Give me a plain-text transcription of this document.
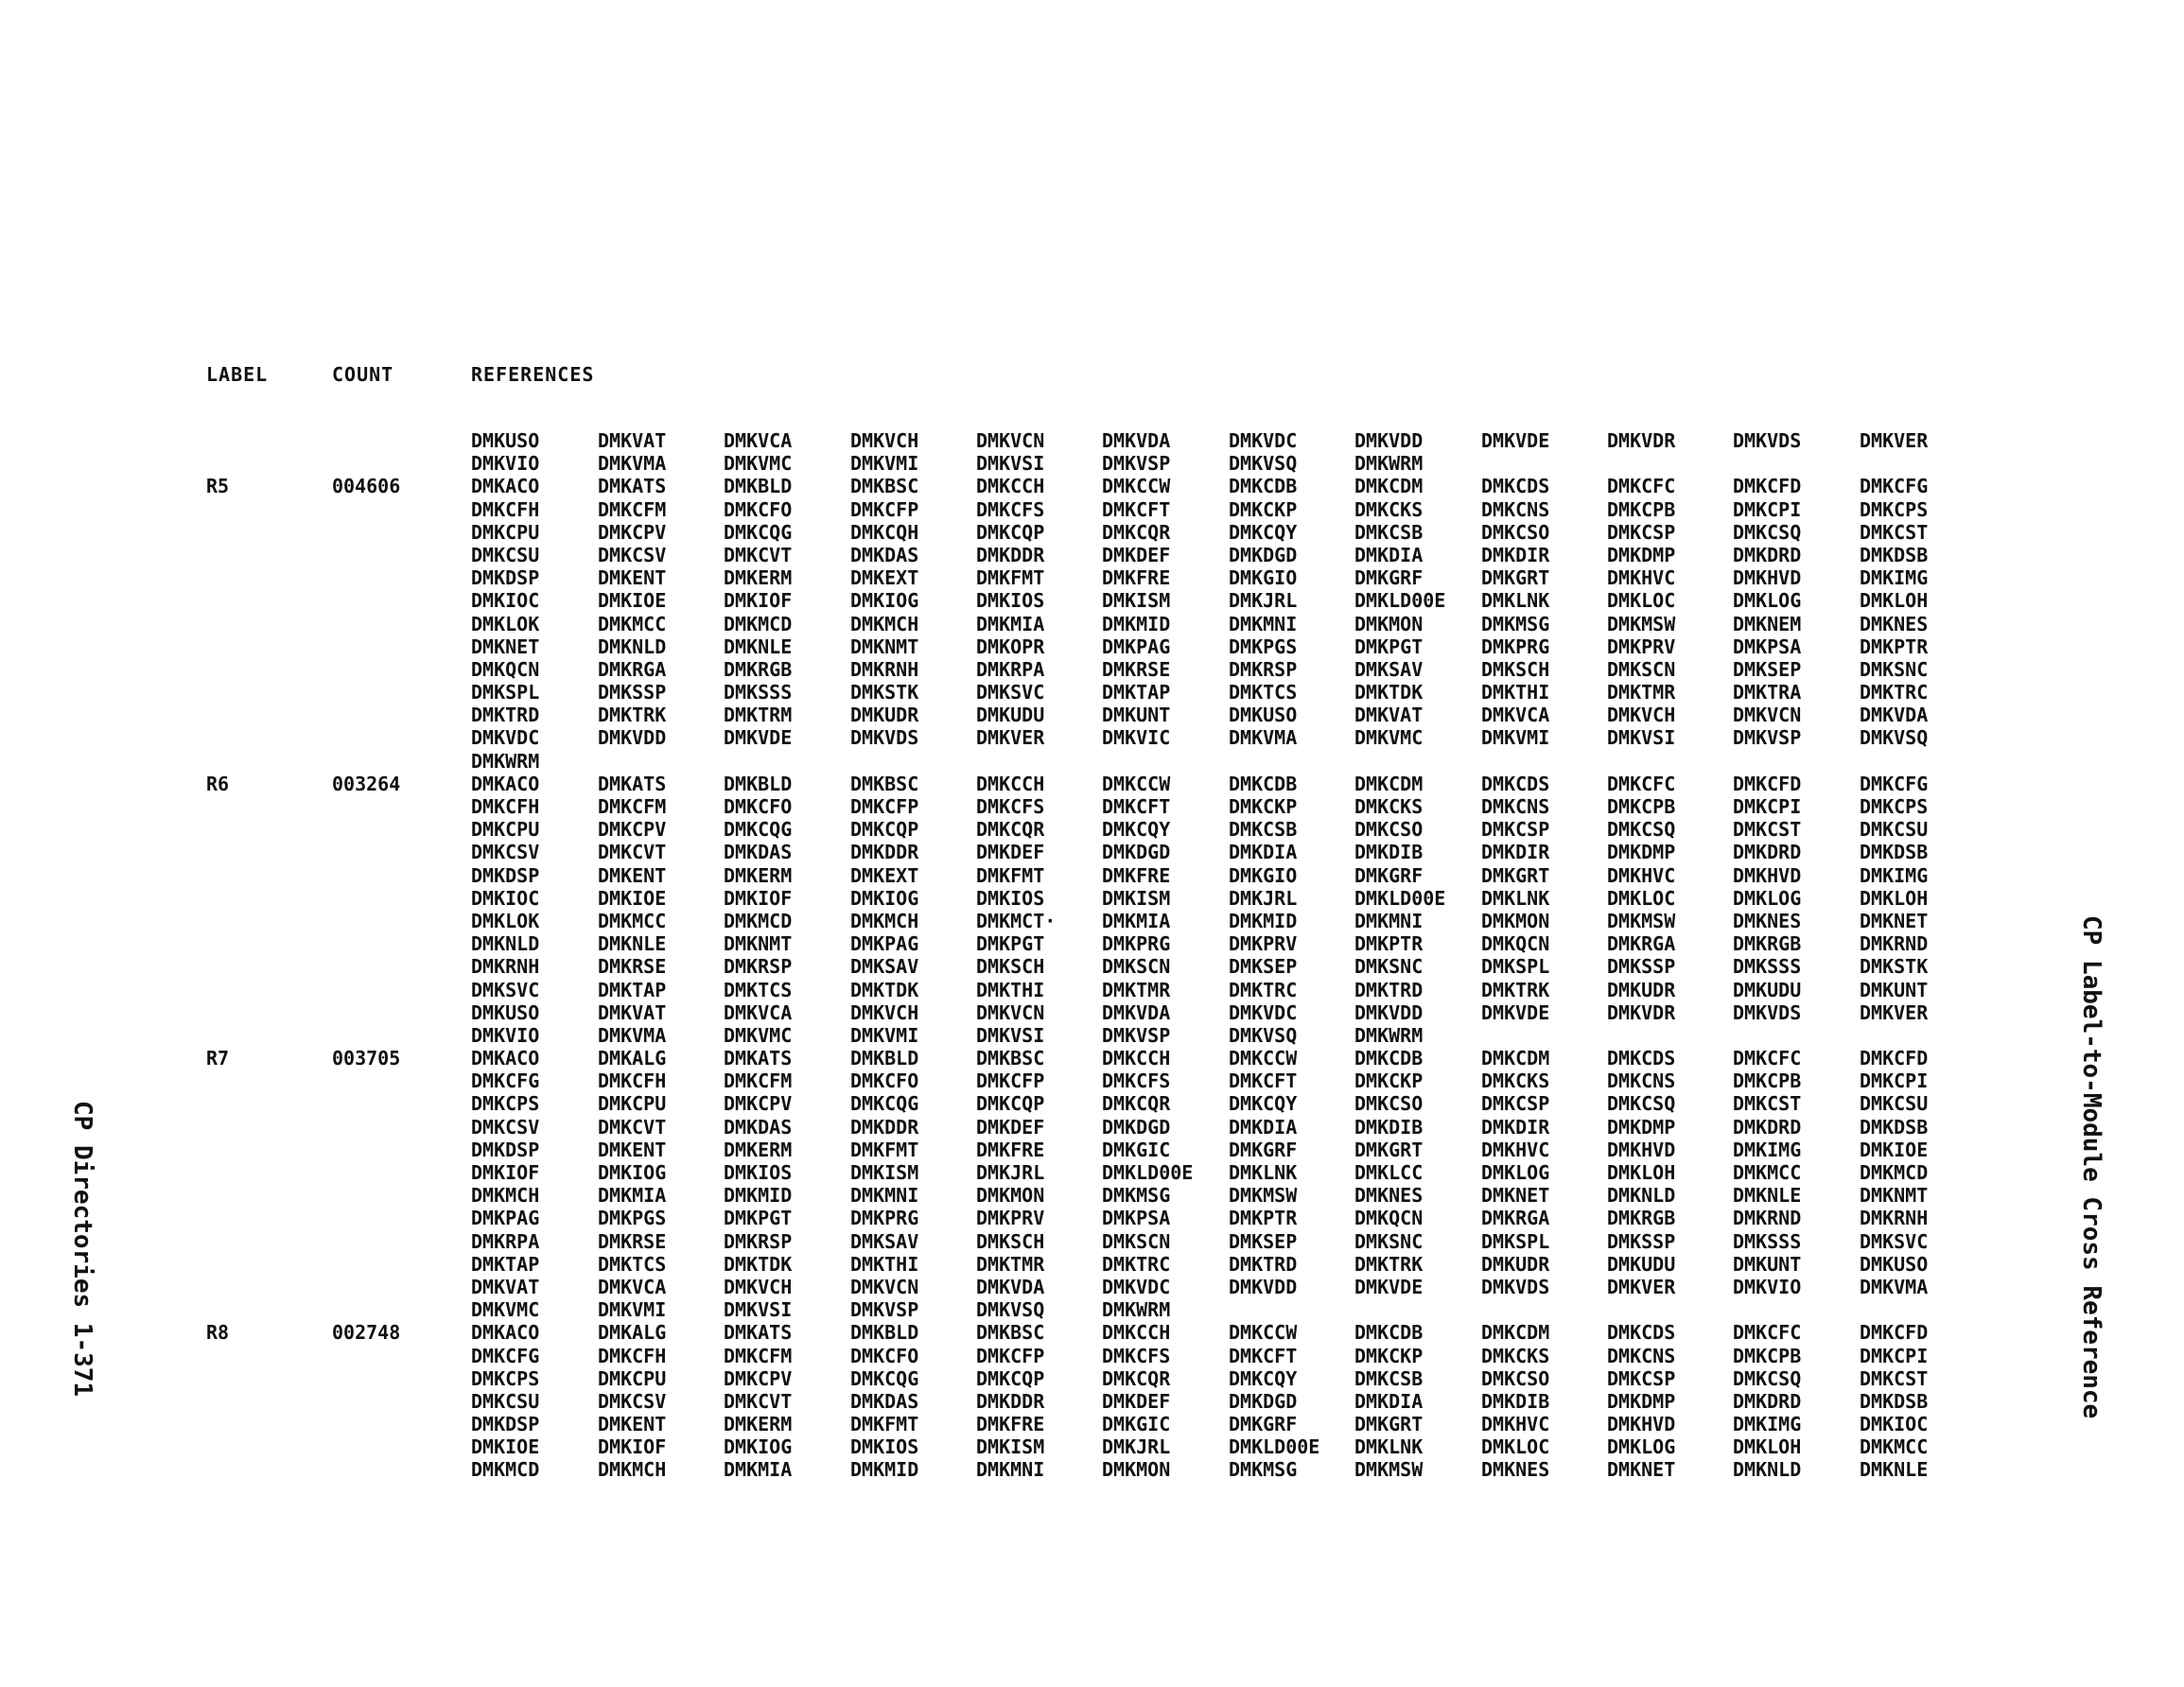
LABEL	COUNT	REFERENCES
DMKUSO	DMKVAT	DMKVCA	DMKVCH	DMKVCN	DMKVDA	DMKVDC	DMKVDD	DMKVDE	DMKVDR	DMKVDS	DMKVER
DMKVIO	DMKVMA	DMKVMC	DMKVMI	DMKVSI	DMKVSP	DMKVSQ	DMKWRM
R5	004606	DMKACO	DMKATS	DMKBLD	DMKBSC	DMKCCH	DMKCCW	DMKCDB	DMKCDM	DMKCDS	DMKCFC	DMKCFD	DMKCFG
DMKCFH	DMKCFM	DMKCFO	DMKCFP	DMKCFS	DMKCFT	DMKCKP	DMKCKS	DMKCNS	DMKCPB	DMKCPI	DMKCPS
DMKCPU	DMKCPV	DMKCQG	DMKCQH	DMKCQP	DMKCQR	DMKCQY	DMKCSB	DMKCSO	DMKCSP	DMKCSQ	DMKCST
DMKCSU	DMKCSV	DMKCVT	DMKDAS	DMKDDR	DMKDEF	DMKDGD	DMKDIA	DMKDIR	DMKDMP	DMKDRD	DMKDSB
DMKDSP	DMKENT	DMKERM	DMKEXT	DMKFMT	DMKFRE	DMKGIO	DMKGRF	DMKGRT	DMKHVC	DMKHVD	DMKIMG
DMKIOC	DMKIOE	DMKIOF	DMKIOG	DMKIOS	DMKISM	DMKJRL	DMKLD00E DMKLNK	DMKLOC	DMKLOG	DMKLOH
DMKLOK	DMKMCC	DMKMCD	DMKMCH	DMKMIA	DMKMID	DMKMNI	DMKMON	DMKMSG	DMKMSW	DMKNEM	DMKNES
DMKNET	DMKNLD	DMKNLE	DMKNMT	DMKOPR	DMKPAG	DMKPGS	DMKPGT	DMKPRG	DMKPRV	DMKPSA	DMKPTR
DMKQCN	DMKRGA	DMKRGB	DMKRNH	DMKRPA	DMKRSE	DMKRSP	DMKSAV	DMKSCH	DMKSCN	DMKSEP	DMKSNC
DMKSPL	DMKSSP	DMKSSS	DMKSTK	DMKSVC	DMKTAP	DMKTCS	DMKTDK	DMKTHI	DMKTMR	DMKTRA	DMKTRC
DMKTRD	DMKTRK	DMKTRM	DMKUDR	DMKUDU	DMKUNT	DMKUSO	DMKVAT	DMKVCA	DMKVCH	DMKVCN	DMKVDA
DMKVDC	DMKVDD	DMKVDE	DMKVDS	DMKVER	DMKVIC	DMKVMA	DMKVMC	DMKVMI	DMKVSI	DMKVSP	DMKVSQ
DMKWRM
R6	003264	DMKACO	DMKATS	DMKBLD	DMKBSC	DMKCCH	DMKCCW	DMKCDB	DMKCDM	DMKCDS	DMKCFC	DMKCFD	DMKCFG
DMKCFH	DMKCFM	DMKCFO	DMKCFP	DMKCFS	DMKCFT	DMKCKP	DMKCKS	DMKCNS	DMKCPB	DMKCPI	DMKCPS
DMKCPU	DMKCPV	DMKCQG	DMKCQP	DMKCQR	DMKCQY	DMKCSB	DMKCSO	DMKCSP	DMKCSQ	DMKCST	DMKCSU
DMKCSV	DMKCVT	DMKDAS	DMKDDR	DMKDEF	DMKDGD	DMKDIA	DMKDIB	DMKDIR	DMKDMP	DMKDRD	DMKDSB
DMKDSP	DMKENT	DMKERM	DMKEXT	DMKFMT	DMKFRE	DMKGIO	DMKGRF	DMKGRT	DMKHVC	DMKHVD	DMKIMG
DMKIOC	DMKIOE	DMKIOF	DMKIOG	DMKIOS	DMKISM	DMKJRL	DMKLD00E DMKLNK	DMKLOC	DMKLOG	DMKLOH
DMKLOK	DMKMCC	DMKMCD	DMKMCH	DMKMCT· DMKMIA	DMKMID	DMKMNI	DMKMON	DMKMSW	DMKNES	DMKNET
DMKNLD	DMKNLE	DMKNMT	DMKPAG	DMKPGT	DMKPRG	DMKPRV	DMKPTR	DMKQCN	DMKRGA	DMKRGB	DMKRND
DMKRNH	DMKRSE	DMKRSP	DMKSAV	DMKSCH	DMKSCN	DMKSEP	DMKSNC	DMKSPL	DMKSSP	DMKSSS	DMKSTK
DMKSVC	DMKTAP	DMKTCS	DMKTDK	DMKTHI	DMKTMR	DMKTRC	DMKTRD	DMKTRK	DMKUDR	DMKUDU	DMKUNT
DMKUSO	DMKVAT	DMKVCA	DMKVCH	DMKVCN	DMKVDA	DMKVDC	DMKVDD	DMKVDE	DMKVDR	DMKVDS	DMKVER
DMKVIO	DMKVMA	DMKVMC	DMKVMI	DMKVSI	DMKVSP	DMKVSQ	DMKWRM
R7	003705	DMKACO	DMKALG	DMKATS	DMKBLD	DMKBSC	DMKCCH	DMKCCW	DMKCDB	DMKCDM	DMKCDS	DMKCFC	DMKCFD
DMKCFG	DMKCFH	DMKCFM	DMKCFO	DMKCFP	DMKCFS	DMKCFT	DMKCKP	DMKCKS	DMKCNS	DMKCPB	DMKCPI
DMKCPS	DMKCPU	DMKCPV	DMKCQG	DMKCQP	DMKCQR	DMKCQY	DMKCSO	DMKCSP	DMKCSQ	DMKCST	DMKCSU
DMKCSV	DMKCVT	DMKDAS	DMKDDR	DMKDEF	DMKDGD	DMKDIA	DMKDIB	DMKDIR	DMKDMP	DMKDRD	DMKDSB
DMKDSP	DMKENT	DMKERM	DMKFMT	DMKFRE	DMKGIC	DMKGRF	DMKGRT	DMKHVC	DMKHVD	DMKIMG	DMKIOE
DMKIOF	DMKIOG	DMKIOS	DMKISM	DMKJRL	DMKLD00E DMKLNK	DMKLCC	DMKLOG	DMKLOH	DMKMCC	DMKMCD
DMKMCH	DMKMIA	DMKMID	DMKMNI	DMKMON	DMKMSG	DMKMSW	DMKNES	DMKNET	DMKNLD	DMKNLE	DMKNMT
DMKPAG	DMKPGS	DMKPGT	DMKPRG	DMKPRV	DMKPSA	DMKPTR	DMKQCN	DMKRGA	DMKRGB	DMKRND	DMKRNH
DMKRPA	DMKRSE	DMKRSP	DMKSAV	DMKSCH	DMKSCN	DMKSEP	DMKSNC	DMKSPL	DMKSSP	DMKSSS	DMKSVC
DMKTAP	DMKTCS	DMKTDK	DMKTHI	DMKTMR	DMKTRC	DMKTRD	DMKTRK	DMKUDR	DMKUDU	DMKUNT	DMKUSO
DMKVAT	DMKVCA	DMKVCH	DMKVCN	DMKVDA	DMKVDC	DMKVDD	DMKVDE	DMKVDS	DMKVER	DMKVIO	DMKVMA
DMKVMC	DMKVMI	DMKVSI	DMKVSP	DMKVSQ	DMKWRM
R8	002748	DMKACO	DMKALG	DMKATS	DMKBLD	DMKBSC	DMKCCH	DMKCCW	DMKCDB	DMKCDM	DMKCDS	DMKCFC	DMKCFD
DMKCFG	DMKCFH	DMKCFM	DMKCFO	DMKCFP	DMKCFS	DMKCFT	DMKCKP	DMKCKS	DMKCNS	DMKCPB	DMKCPI
DMKCPS	DMKCPU	DMKCPV	DMKCQG	DMKCQP	DMKCQR	DMKCQY	DMKCSB	DMKCSO	DMKCSP	DMKCSQ	DMKCST
DMKCSU	DMKCSV	DMKCVT	DMKDAS	DMKDDR	DMKDEF	DMKDGD	DMKDIA	DMKDIB	DMKDMP	DMKDRD	DMKDSB
DMKDSP	DMKENT	DMKERM	DMKFMT	DMKFRE	DMKGIC	DMKGRF	DMKGRT	DMKHVC	DMKHVD	DMKIMG	DMKIOC
DMKIOE	DMKIOF	DMKIOG	DMKIOS	DMKISM	DMKJRL	DMKLD00E DMKLNK	DMKLOC	DMKLOG	DMKLOH	DMKMCC
DMKMCD	DMKMCH	DMKMIA	DMKMID	DMKMNI	DMKMON	DMKMSG	DMKMSW	DMKNES	DMKNET	DMKNLD	DMKNLE
CP Label-to-Module Cross Reference
CP Directories 1-371
